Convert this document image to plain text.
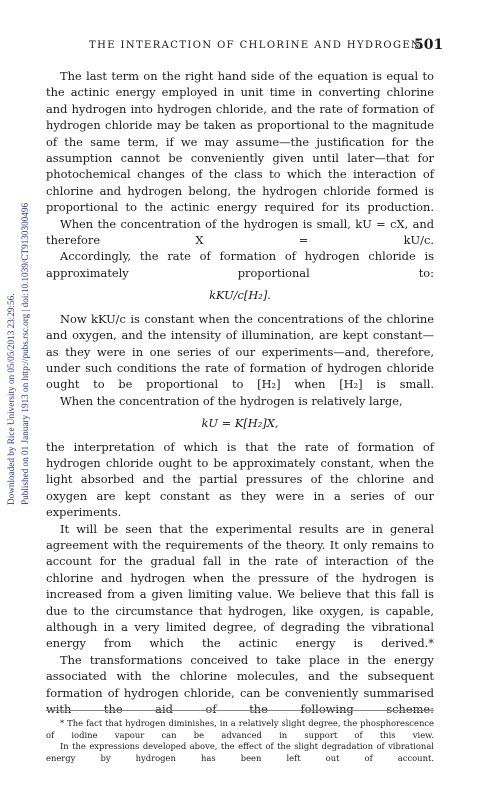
Downloaded by Rice University on 05/05/2013 23:29:56. Published on 01 January 1913 on http://pubs.rsc.org | doi:10.1039/CT9130300496
THE INTERACTION OF CHLORINE AND HYDROGEN.
501
The last term on the right hand side of the equation is equal to the actinic energy employed in unit time in converting chlorine and hydrogen into hydrogen chloride, and the rate of formation of hydrogen chloride may be taken as proportional to the magnitude of the same term, if we may assume—the justification for the assumption cannot be conveniently given until later—that for photochemical changes of the class to which the interaction of chlorine and hydrogen belong, the hydrogen chloride formed is proportional to the actinic energy required for its production.
When the concentration of the hydrogen is small, kU = cX, and therefore X = kU/c.
Accordingly, the rate of formation of hydrogen chloride is approximately proportional to:
kKU/c[H₂].
Now kKU/c is constant when the concentrations of the chlorine and oxygen, and the intensity of illumination, are kept constant—as they were in one series of our experiments—and, therefore, under such conditions the rate of formation of hydrogen chloride ought to be proportional to [H₂] when [H₂] is small.
When the concentration of the hydrogen is relatively large,
kU = K[H₂]X,
the interpretation of which is that the rate of formation of hydrogen chloride ought to be approximately constant, when the light absorbed and the partial pressures of the chlorine and oxygen are kept constant as they were in a series of our experiments.
It will be seen that the experimental results are in general agreement with the requirements of the theory. It only remains to account for the gradual fall in the rate of interaction of the chlorine and hydrogen when the pressure of the hydrogen is increased from a given limiting value. We believe that this fall is due to the circumstance that hydrogen, like oxygen, is capable, although in a very limited degree, of degrading the vibrational energy from which the actinic energy is derived.*
The transformations conceived to take place in the energy associated with the chlorine molecules, and the subsequent formation of hydrogen chloride, can be conveniently summarised
* The fact that hydrogen diminishes, in a relatively slight degree, the phosphorescence of iodine vapour can be advanced in support of this view.
In the expressions developed above, the effect of the slight degradation of vibrational energy by hydrogen has been left out of account.
